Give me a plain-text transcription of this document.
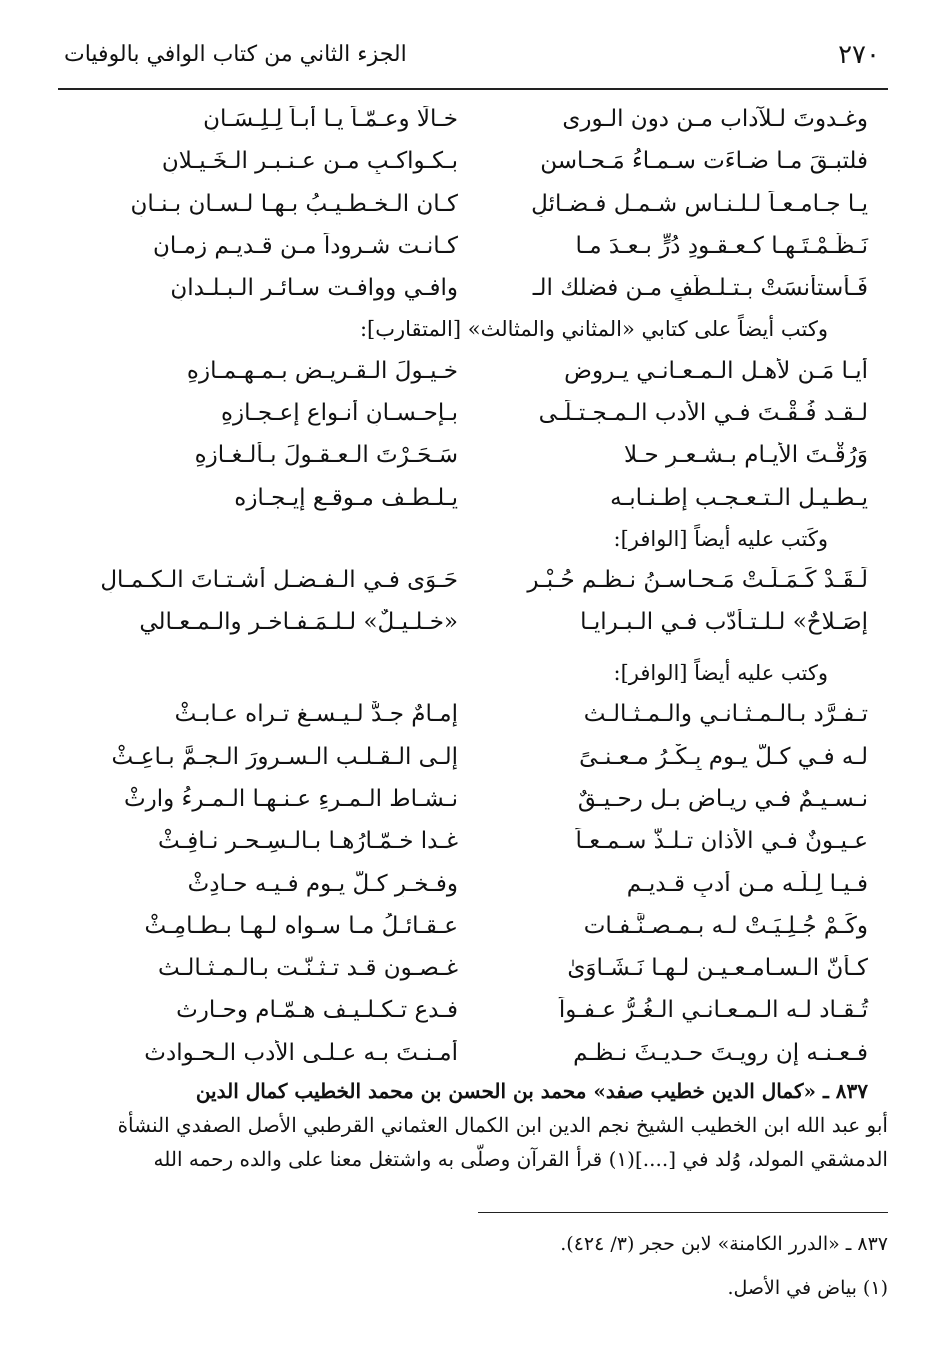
٢٧٠
الجزء الثاني من كتاب الوافي بالوفيات
وغـدوتَ لـلآداب مـن دون الـورى
خـالًا وعـمّـاً يـا أبـاً لِـلِـسَـانِ
فلتبـقَ مـا ضـاءَت سـمـاءُ مَـحـاسنٍ
بـكـواكـبٍ مـن عـنـبـر الـخَـيـلانِ
يـا جـامـعـاً لـلـنـاس شـمـل فـضـائلٍ
كـان الـخـطـيـبُ بـهـا لـسـان بـنـانِ
نَـظَّـمْـتَـهـا كـعـقـودِ دُرٍّ بـعـدَ مـا
كـانـت شـروداً مـن قـديـمِ زمـانِ
فَـأستأنسَتْ بـتـلـطُّفٍ مـن فضلك الـ
وافـي ووافـت سـائـر الـبـلـدانِ
وكتب أيضاً على كتابي «المثاني والمثالث» [المتقارب]:
أيـا مَـن لأهـل الـمـعـانـي يـروض
خـيـولَ الـقـريـض بـمـهـمـازِهِ
لـقـد فُـقْـتَ فـي الأدب الـمـجـتـلَـى
بـإحـسـانِ أنـواع إعـجـازِهِ
وَرُقْـتَ الأيـام بـشـعـرٍ حـلا
سَـحَـرْتَ الـعـقـولَ بـألـغـازِهِ
يـطـيـل الـتـعـجـب إطـنـابـه
يـلـطـف مـوقـع إيـجـازه
وكَتب عليه أيضاً [الوافر]:
لَـقَـدْ كَـمَـلَـتْ مَـحـاسـنُ نـظـم حُـبْـرِ
حَـوَى فـي الـفـضـل أشـتـاتَ الـكـمـالِ
إصَـلاحٌ» لـلـتـأدّب فـي الـبـرايـا
«خـلـيـلٌ» لـلـمَـفـاخـر والـمـعـالي
وكتب عليه أيضاً [الوافر]:
تـفـرَّد بـالـمـثـانـي والـمـثـالـث
إمـامٌ جـدٌّ لـيـسـغ تـراه عـابـثْ
لـه فـي كـلّ يـوم بِـكْـرُ مـعـنـىً
إلـى الـقـلـب الـسـرورَ الـجـمَّ بـاعِـثْ
نـسـيـمٌ فـي ريـاض بـل رحـيـقٌ
نـشـاط الـمـرءِ عـنـهـا الـمـرءُ وارِثْ
عـيـونٌ فـي الأذان تـلـذّ سـمـعـاً
غـدا خـمّـارُهـا بـالـسِـحـر نـافِـثْ
فـيـا لِـلّـه مـن أدبٍ قـديـم
وفـخـرٍ كـلّ يـوم فـيـه حـادِثْ
وكَـمْ جُـلِـيَـتْ لـه بـمـصـنَّـفـات
عـقـائـلُ مـا سـواه لـهـا بـطـامِـثْ
كـأنّ الـسـامـعـيـن لـهـا نَـشَـاوَىٰ
غـصـون قـد تـثـنّـت بـالـمـثـالـث
تُـقـاد لـه الـمـعـانـي الـغُـرُّ عـفـواً
فـدع تـكـلـيـف هـمّـام وحـارِث
فـعـنـه إن رويـتَ حـديـثَ نـظـم
أمـنـتَ بـه عـلـى الأدب الـحـوادث
٨٣٧ ـ «كمال الدين خطيب صفد» محمد بن الحسن بن محمد الخطيب كمال الدين
أبو عبد الله ابن الخطيب الشيخ نجم الدين ابن الكمال العثماني القرطبي الأصل الصفدي النشأة
الدمشقي المولد، وُلد في [....](١) قرأ القرآن وصلّى به واشتغل معنا على والده رحمه الله
٨٣٧ ـ «الدرر الكامنة» لابن حجر (٣/ ٤٢٤).
(١) بياض في الأصل.
